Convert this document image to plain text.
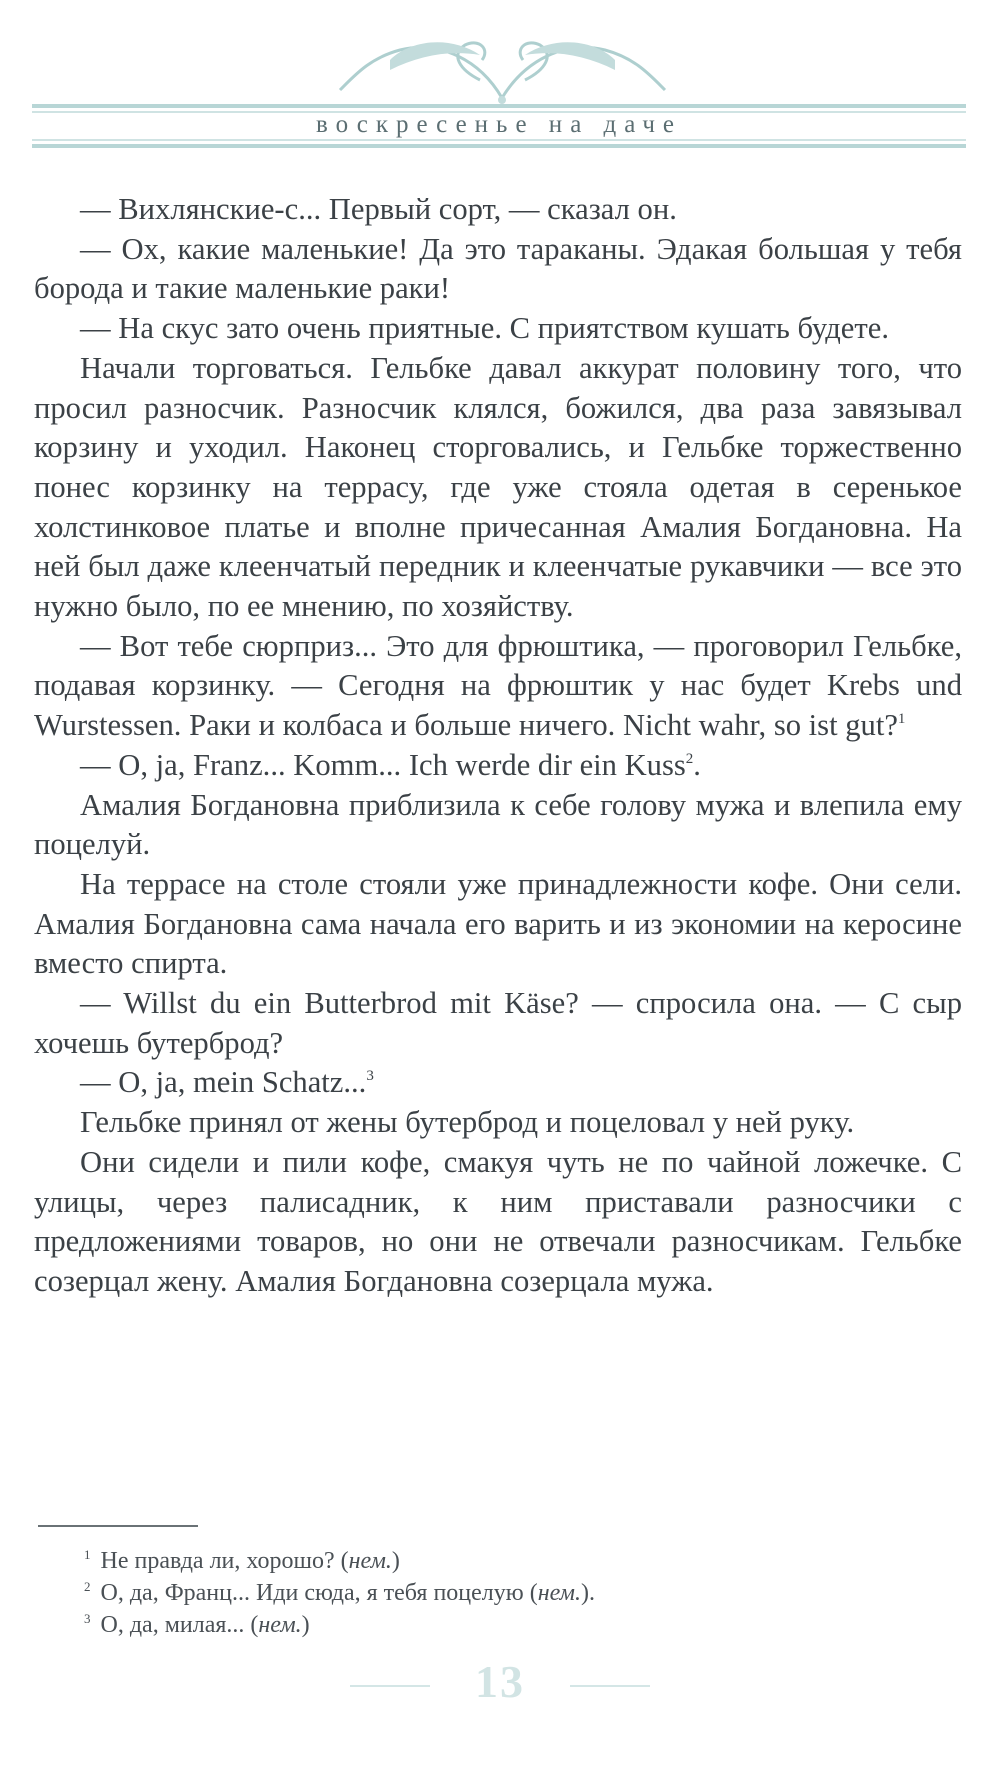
воскресенье на даче

— Вихлянские-с... Первый сорт, — сказал он.

— Ох, какие маленькие! Да это тараканы. Эдакая большая у тебя борода и такие маленькие раки!

— На скус зато очень приятные. С приятством кушать будете.

Начали торговаться. Гельбке давал аккурат половину того, что просил разносчик. Разносчик клялся, божился, два раза завязывал корзину и уходил. Наконец сторговались, и Гельбке торжественно понес корзинку на террасу, где уже стояла одетая в серенькое холстинковое платье и вполне причесанная Амалия Богдановна. На ней был даже клеенчатый передник и клеенчатые рукавчики — все это нужно было, по ее мнению, по хозяйству.

— Вот тебе сюрприз... Это для фрюштика, — проговорил Гельбке, подавая корзинку. — Сегодня на фрюштик у нас будет Krebs und Wurstessen. Раки и колбаса и больше ничего. Nicht wahr, so ist gut?$^1$

— O, ja, Franz... Komm... Ich werde dir ein Kuss$^2$.

Амалия Богдановна приблизила к себе голову мужа и влепила ему поцелуй.

На террасе на столе стояли уже принадлежности кофе. Они сели. Амалия Богдановна сама начала его варить и из экономии на керосине вместо спирта.

— Willst du ein Butterbrod mit Käse? — спросила она. — С сыр хочешь бутерброд?

— O, ja, mein Schatz...$^3$

Гельбке принял от жены бутерброд и поцеловал у ней руку.

Они сидели и пили кофе, смакуя чуть не по чайной ложечке. С улицы, через палисадник, к ним приставали разносчики с предложениями товаров, но они не отвечали разносчикам. Гельбке созерцал жену. Амалия Богдановна созерцала мужа.

$^1$ Не правда ли, хорошо? (нем.)
$^2$ О, да, Франц... Иди сюда, я тебя поцелую (нем.).
$^3$ О, да, милая... (нем.)
13
